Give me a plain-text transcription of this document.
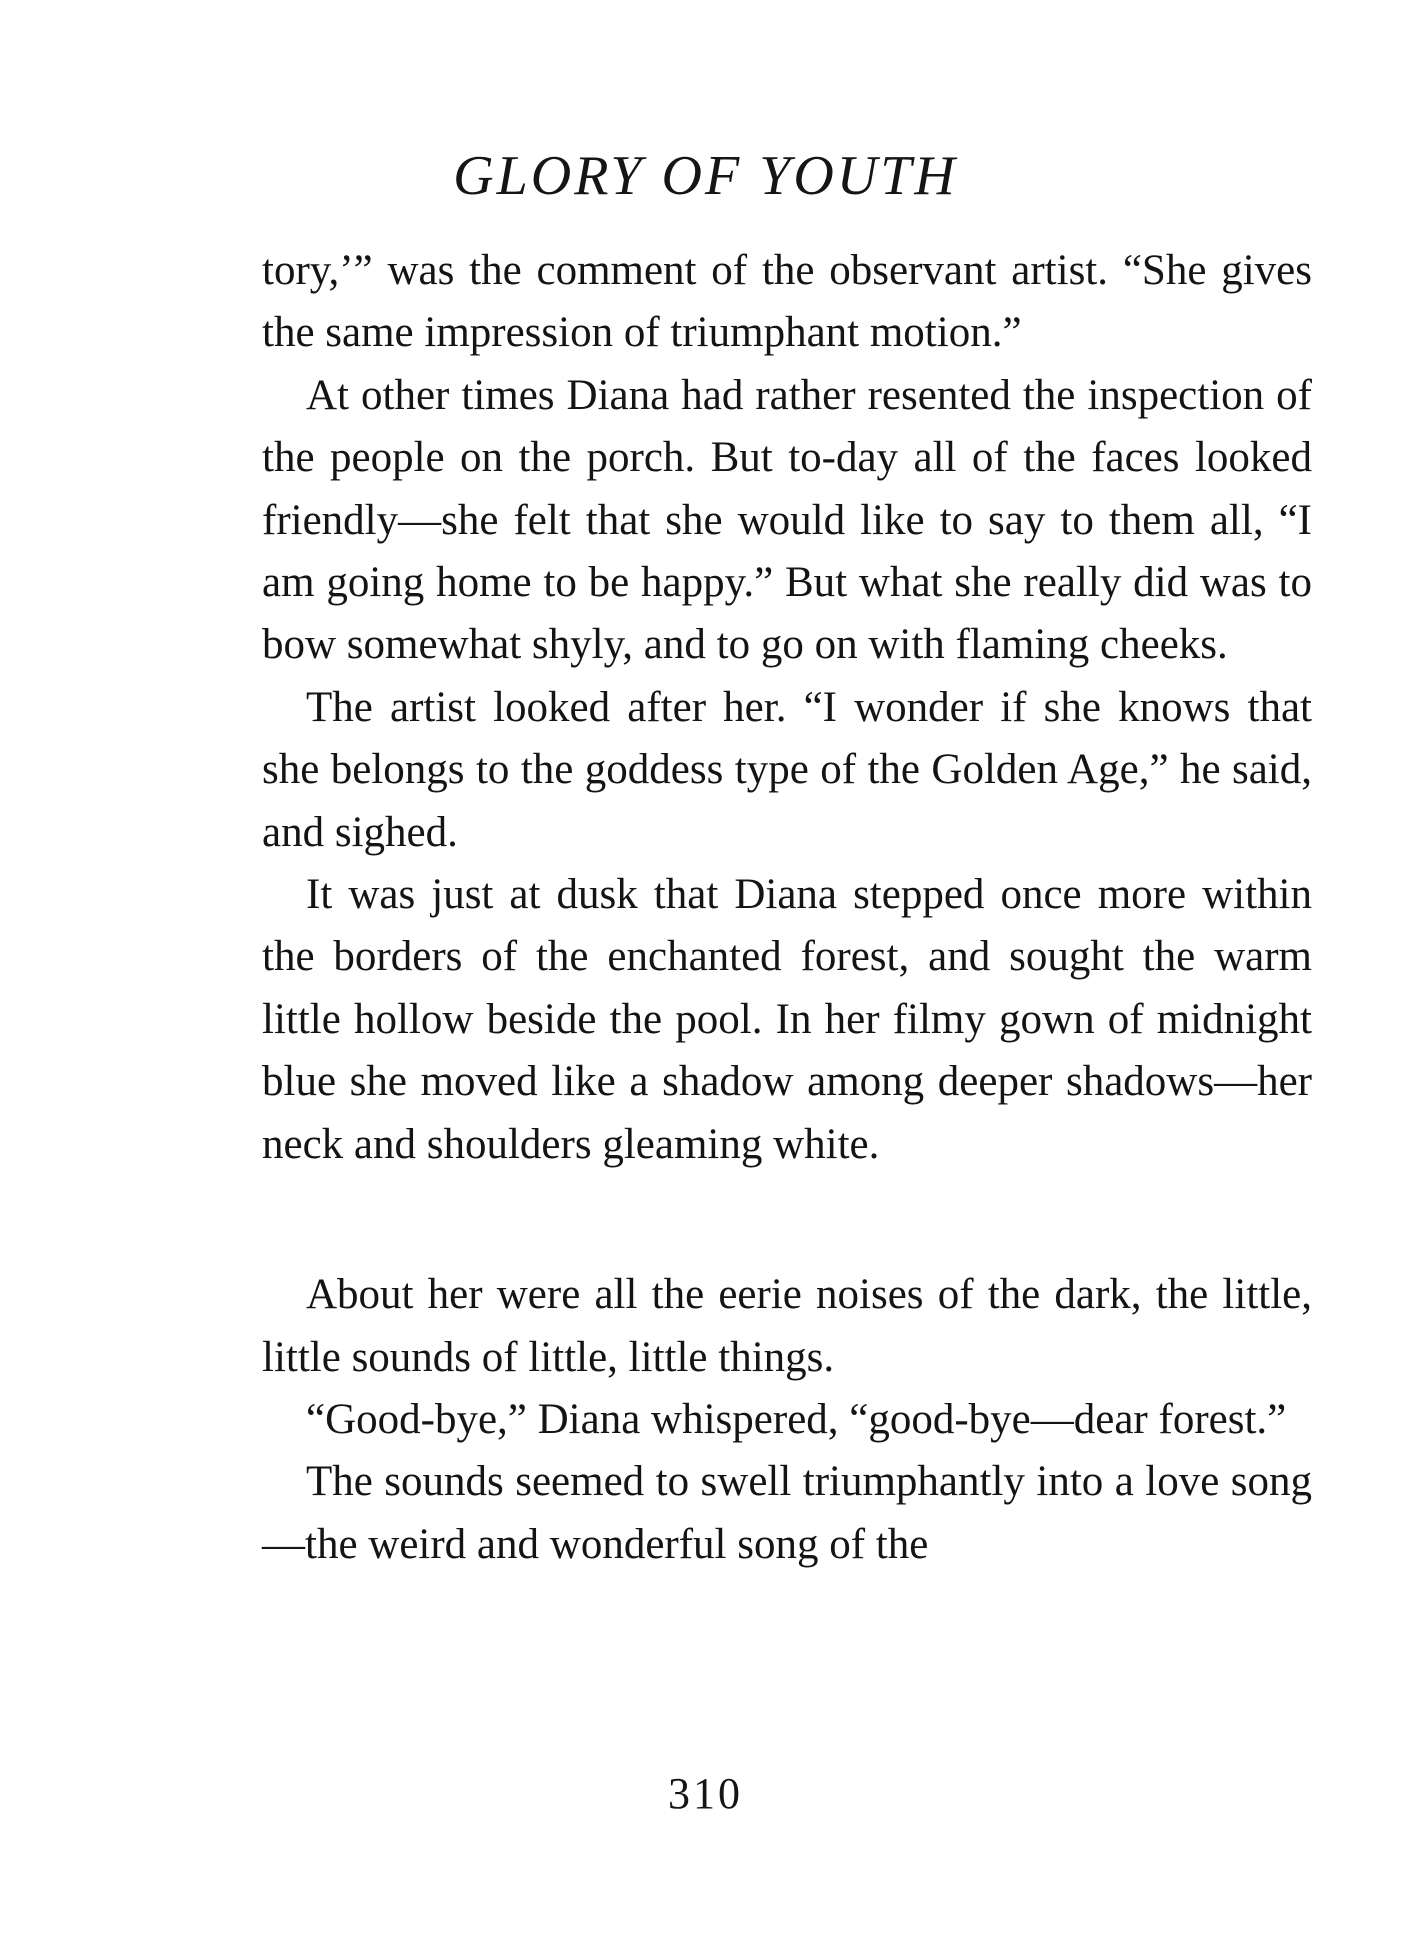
GLORY OF YOUTH

tory,’” was the comment of the observant artist. “She gives the same impression of triumphant motion.”

At other times Diana had rather resented the inspection of the people on the porch. But to-day all of the faces looked friendly—she felt that she would like to say to them all, “I am going home to be happy.” But what she really did was to bow somewhat shyly, and to go on with flaming cheeks.

The artist looked after her. “I wonder if she knows that she belongs to the goddess type of the Golden Age,” he said, and sighed.

It was just at dusk that Diana stepped once more within the borders of the enchanted forest, and sought the warm little hollow beside the pool. In her filmy gown of midnight blue she moved like a shadow among deeper shadows—her neck and shoulders gleaming white.

About her were all the eerie noises of the dark, the little, little sounds of little, little things.

“Good-bye,” Diana whispered, “good-bye—dear forest.”

The sounds seemed to swell triumphantly into a love song—the weird and wonderful song of the

310
